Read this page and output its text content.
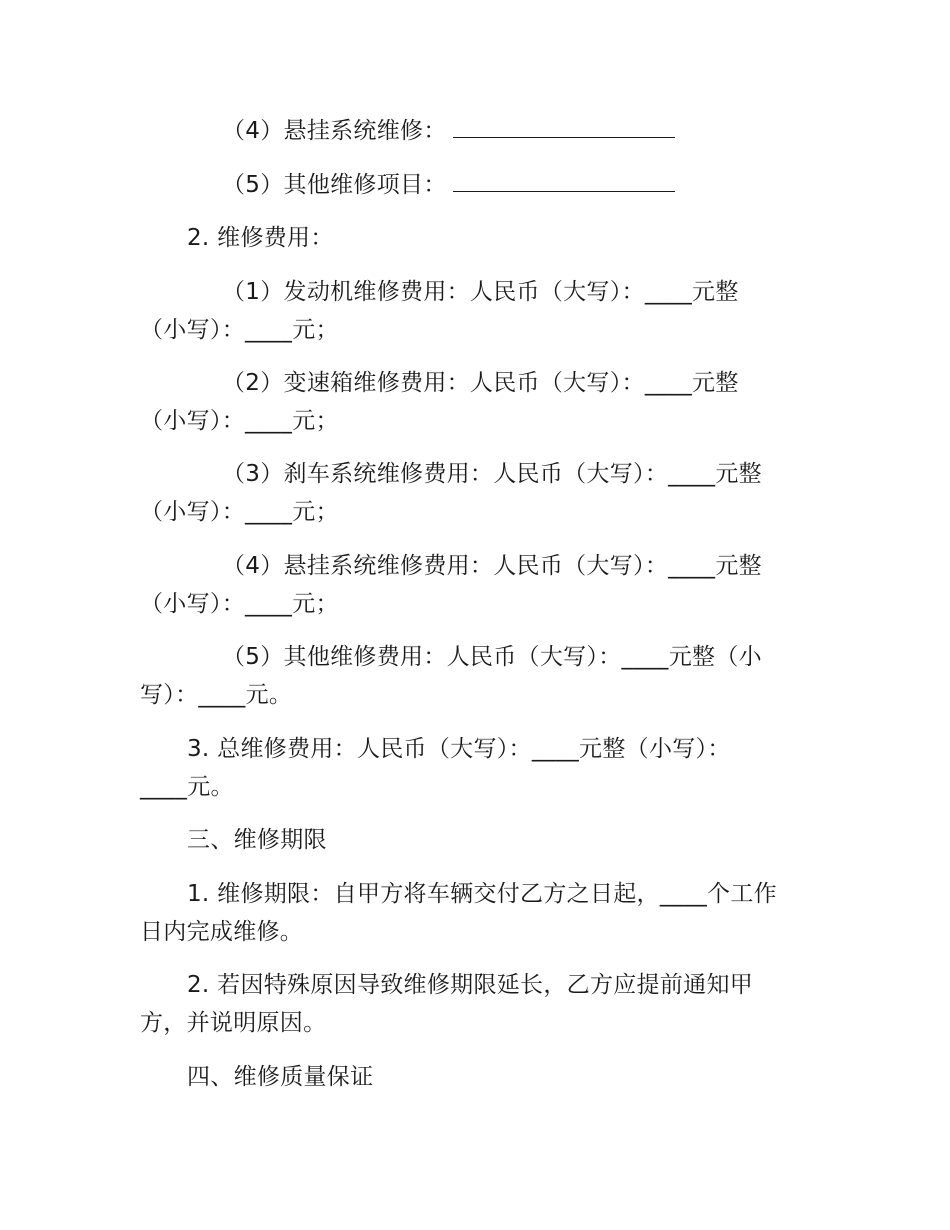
（4）悬挂系统维修：
（5）其他维修项目：
2. 维修费用：
（1）发动机维修费用：人民币（大写）：____元整
（小写）：____元；
（2）变速箱维修费用：人民币（大写）：____元整
（小写）：____元；
（3）刹车系统维修费用：人民币（大写）：____元整
（小写）：____元；
（4）悬挂系统维修费用：人民币（大写）：____元整
（小写）：____元；
（5）其他维修费用：人民币（大写）：____元整（小
写）：____元。
3. 总维修费用：人民币（大写）：____元整（小写）：
____元。
三、维修期限
1. 维修期限：自甲方将车辆交付乙方之日起，____个工作
日内完成维修。
2. 若因特殊原因导致维修期限延长，乙方应提前通知甲
方，并说明原因。
四、维修质量保证
